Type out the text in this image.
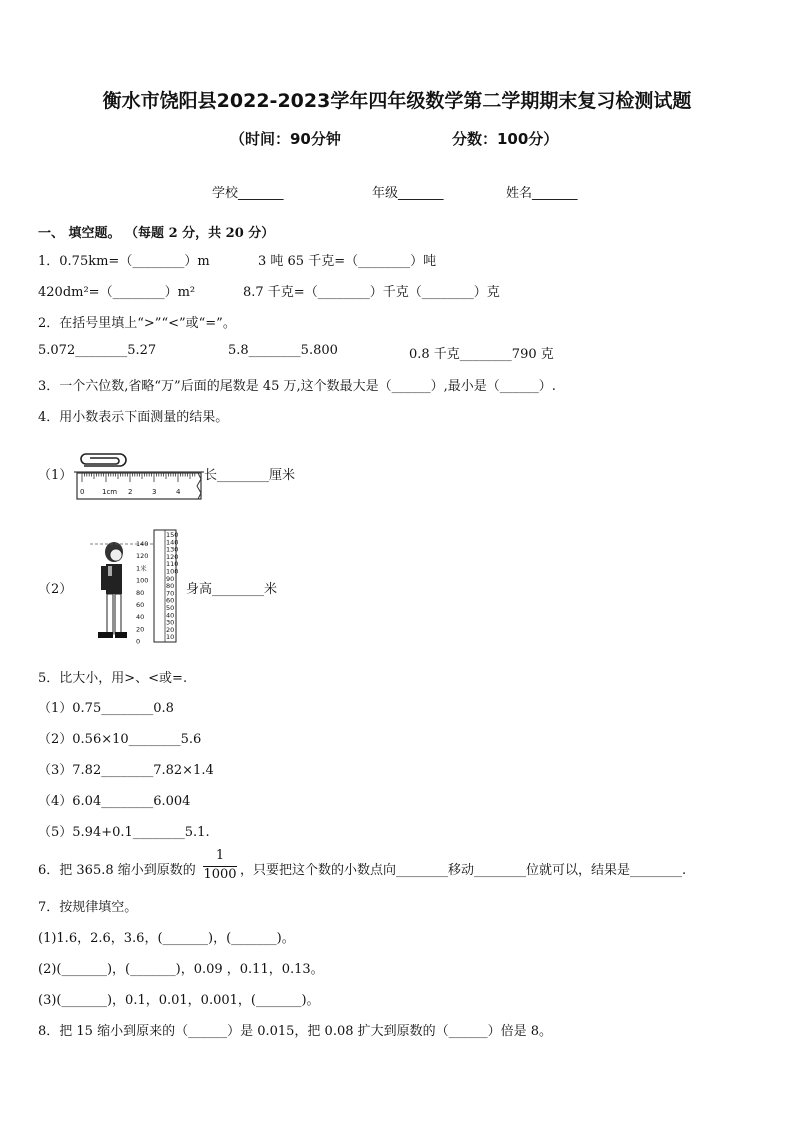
衡水市饶阳县2022-2023学年四年级数学第二学期期末复习检测试题
（时间：90分钟	分数：100分）
学校_______	年级_______	姓名_______
一、 填空题。 （每题 2 分，共 20 分）
1．0.75km=（________）m	3 吨 65 千克=（________）吨
420dm²=（________）m²	8.7 千克=（________）千克（________）克
2．在括号里填上“>”“<”或“=”。
5.072________5.27	5.8________5.800	0.8 千克________790 克
3．一个六位数,省略“万”后面的尾数是 45 万,这个数最大是（______）,最小是（______）.
4．用小数表示下面测量的结果。
（1）
0	1cm 2	3	4
长________厘米
（2）
140
120
1米
100
80
60
40
20
0
150
140
130
120
110
100
90
80
70
60
50
40
30
20
10
身高________米
5．比大小，用>、<或=.
（1）0.75________0.8
（2）0.56×10________5.6
（3）7.82________7.82×1.4
（4）6.04________6.004
（5）5.94+0.1________5.1.
6．把 365.8 缩小到原数的
1
1000 ，只要把这个数的小数点向________移动________位就可以，结果是________.
7．按规律填空。
(1)1.6，2.6，3.6，(_______)，(_______)。
(2)(_______)，(_______)，0.09 ，0.11，0.13。
(3)(_______)，0.1，0.01，0.001，(_______)。
8．把 15 缩小到原来的（______）是 0.015，把 0.08 扩大到原数的（______）倍是 8。
